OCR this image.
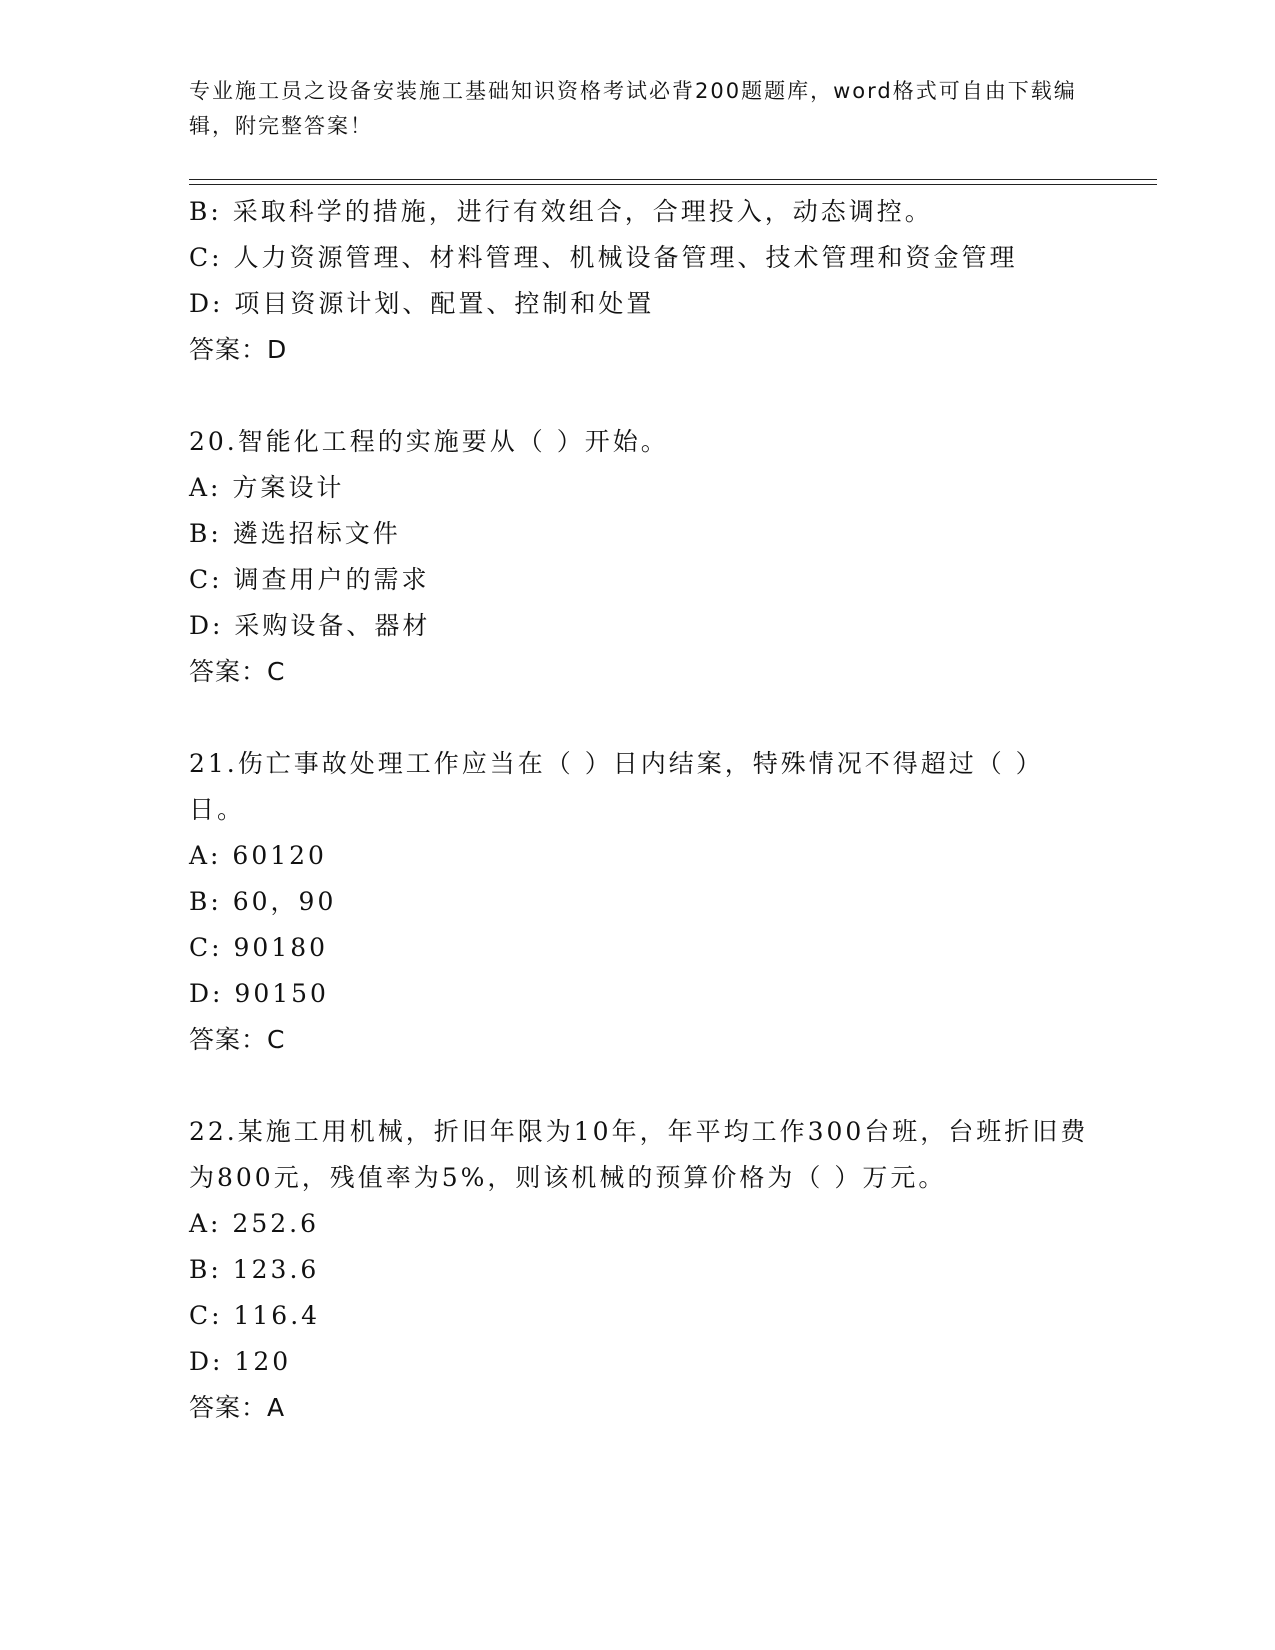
专业施工员之设备安装施工基础知识资格考试必背200题题库，word格式可自由下载编辑，附完整答案！
B: 采取科学的措施，进行有效组合，合理投入，动态调控。
C: 人力资源管理、材料管理、机械设备管理、技术管理和资金管理
D: 项目资源计划、配置、控制和处置
答案：D
20.智能化工程的实施要从（ ）开始。
A: 方案设计
B: 遴选招标文件
C: 调查用户的需求
D: 采购设备、器材
答案：C
21.伤亡事故处理工作应当在（ ）日内结案，特殊情况不得超过（ ）日。
A: 60120
B: 60，90
C: 90180
D: 90150
答案：C
22.某施工用机械，折旧年限为10年，年平均工作300台班，台班折旧费为800元，残值率为5%，则该机械的预算价格为（ ）万元。
A: 252.6
B: 123.6
C: 116.4
D: 120
答案：A
